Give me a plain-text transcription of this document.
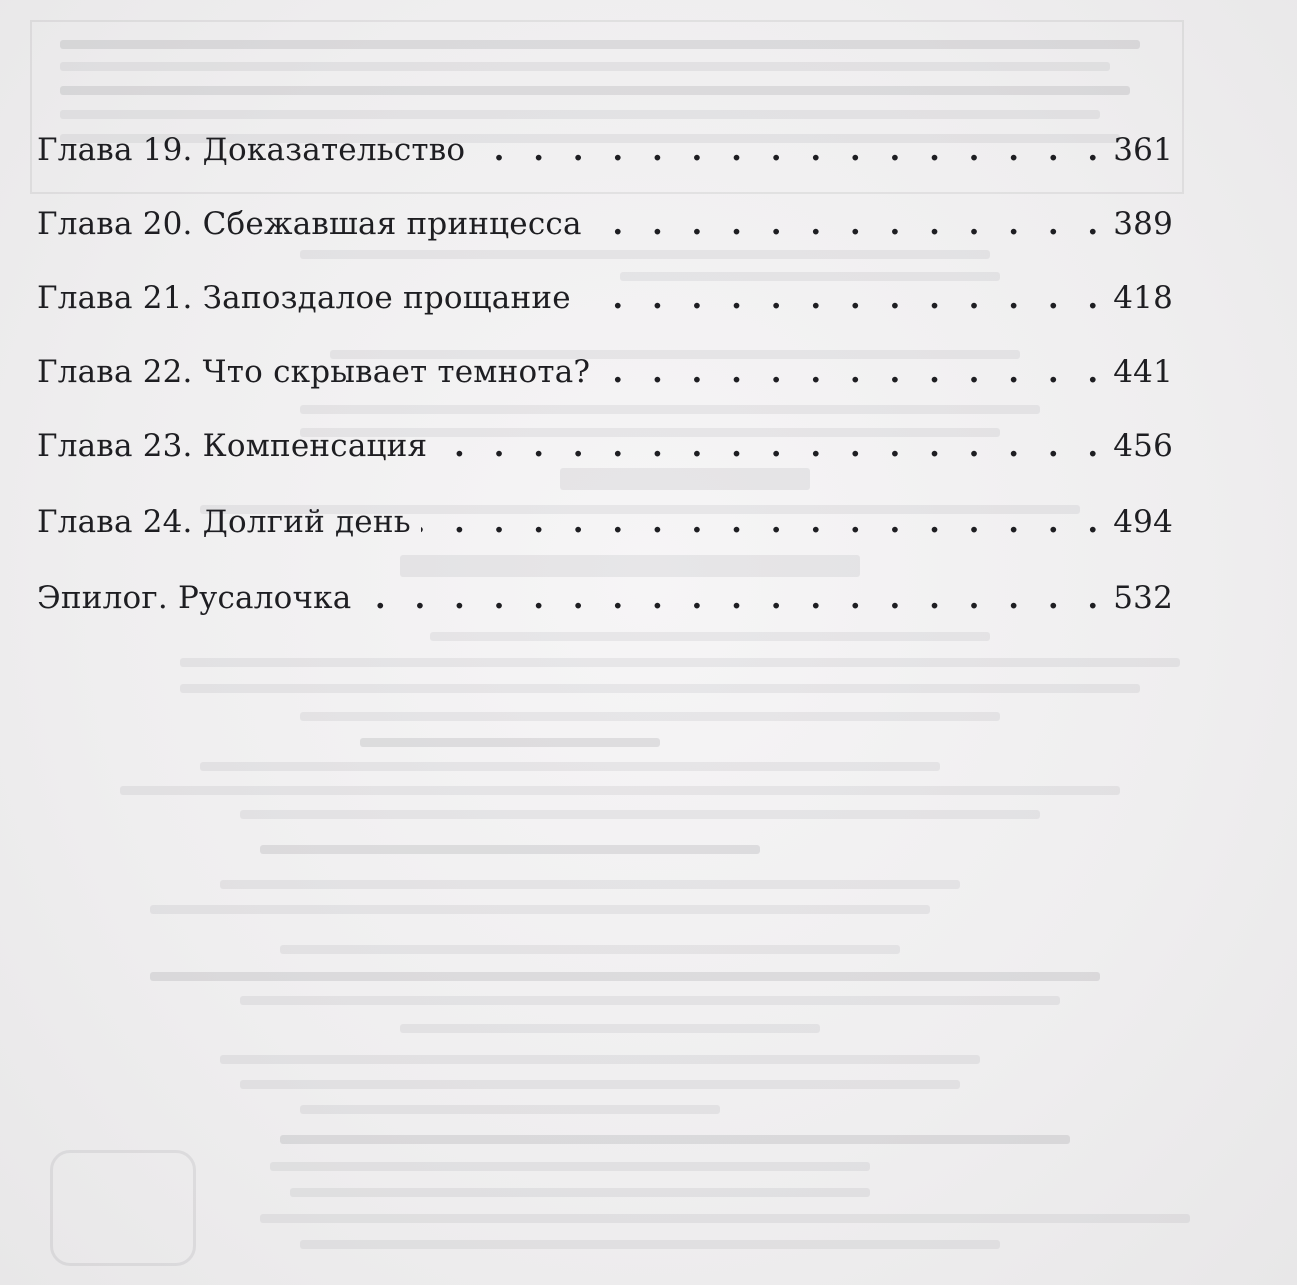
Глава 19. Доказательство . . .	361
Глава 20. Сбежавшая принцесса . . .	389
Глава 21. Запоздалое прощание . . .	418
Глава 22. Что скрывает темнота? . . .	441
Глава 23. Компенсация . . .	456
Глава 24. Долгий день . . .	494
Эпилог. Русалочка . . .	532
